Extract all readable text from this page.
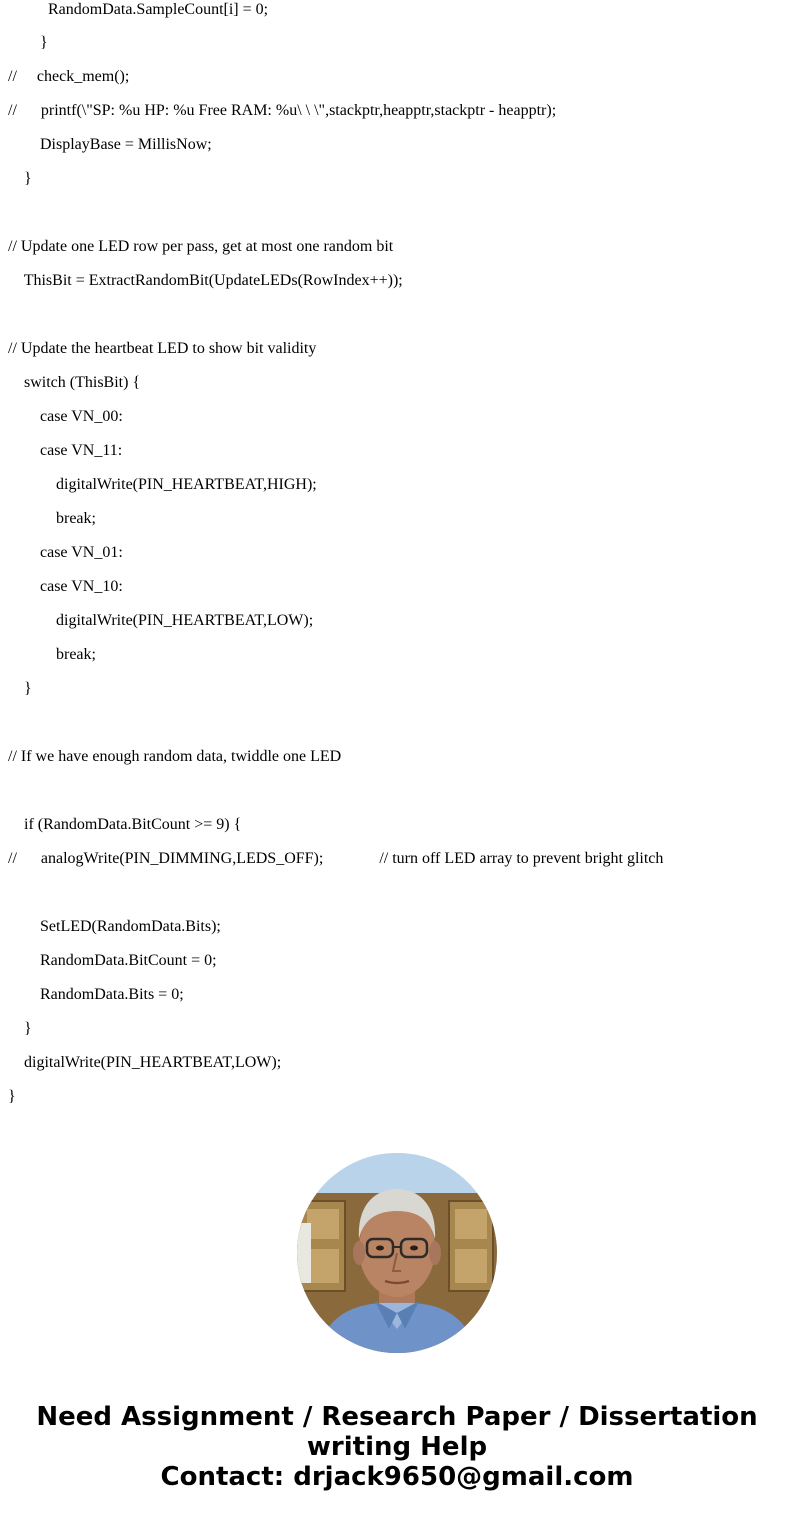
RandomData.SampleCount[i] = 0;
}
//     check_mem();
//      printf(\"SP: %u HP: %u Free RAM: %u\ \ \",stackptr,heapptr,stackptr - heapptr);
DisplayBase = MillisNow;
}
// Update one LED row per pass, get at most one random bit
ThisBit = ExtractRandomBit(UpdateLEDs(RowIndex++));
// Update the heartbeat LED to show bit validity
switch (ThisBit) {
case VN_00:
case VN_11:
digitalWrite(PIN_HEARTBEAT,HIGH);
break;
case VN_01:
case VN_10:
digitalWrite(PIN_HEARTBEAT,LOW);
break;
}
// If we have enough random data, twiddle one LED
if (RandomData.BitCount >= 9) {
//      analogWrite(PIN_DIMMING,LEDS_OFF);              // turn off LED array to prevent bright glitch
SetLED(RandomData.Bits);
RandomData.BitCount = 0;
RandomData.Bits = 0;
}
digitalWrite(PIN_HEARTBEAT,LOW);
}
Need Assignment / Research Paper / Dissertation
writing Help
Contact: drjack9650@gmail.com
